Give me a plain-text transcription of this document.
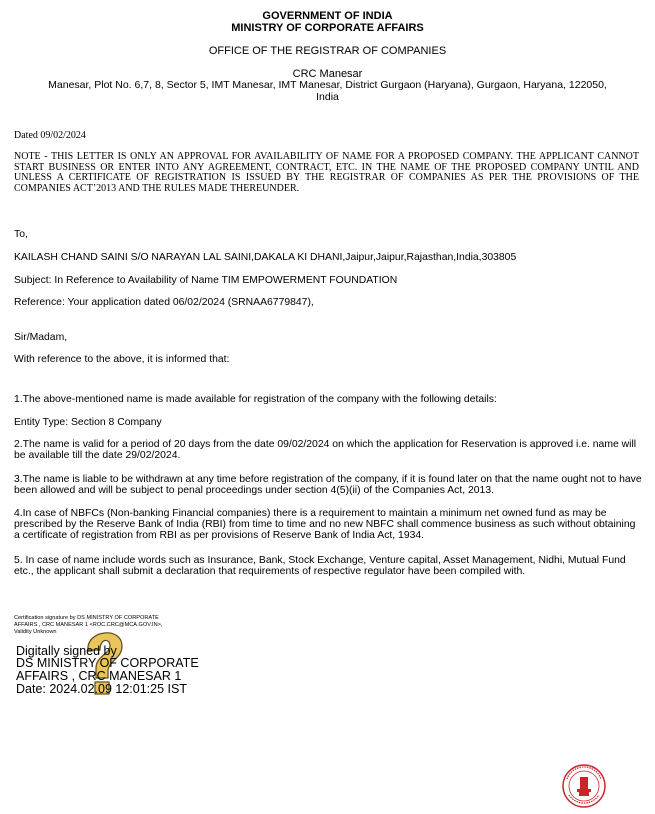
GOVERNMENT OF INDIA
MINISTRY OF CORPORATE AFFAIRS
OFFICE OF THE REGISTRAR OF COMPANIES
CRC Manesar
Manesar, Plot No. 6,7, 8, Sector 5, IMT Manesar, IMT Manesar, District Gurgaon (Haryana), Gurgaon, Haryana, 122050,
India
Dated 09/02/2024
NOTE - THIS LETTER IS ONLY AN APPROVAL FOR AVAILABILITY OF NAME FOR A PROPOSED COMPANY. THE APPLICANT CANNOT START BUSINESS OR ENTER INTO ANY AGREEMENT, CONTRACT, ETC. IN THE NAME OF THE PROPOSED COMPANY UNTIL AND UNLESS A CERTIFICATE OF REGISTRATION IS ISSUED BY THE REGISTRAR OF COMPANIES AS PER THE PROVISIONS OF THE COMPANIES ACT’2013 AND THE RULES MADE THEREUNDER.
To,
KAILASH CHAND SAINI S/O NARAYAN LAL SAINI,DAKALA KI DHANI,Jaipur,Jaipur,Rajasthan,India,303805
Subject: In Reference to Availability of Name TIM EMPOWERMENT FOUNDATION
Reference: Your application dated 06/02/2024 (SRNAA6779847),
Sir/Madam,
With reference to the above, it is informed that:
1.The above-mentioned name is made available for registration of the company with the following details:
Entity Type: Section 8 Company
2.The name is valid for a period of 20 days from the date 09/02/2024 on which the application for Reservation is approved i.e. name will be available till the date 29/02/2024.
3.The name is liable to be withdrawn at any time before registration of the company, if it is found later on that the name ought not to have been allowed and will be subject to penal proceedings under section 4(5)(ii) of the Companies Act, 2013.
4.In case of NBFCs (Non-banking Financial companies) there is a requirement to maintain a minimum net owned fund as may be prescribed by the Reserve Bank of India (RBI) from time to time and no new NBFC shall commence business as such without obtaining a certificate of registration from RBI as per provisions of Reserve Bank of India Act, 1934.
5. In case of name include words such as Insurance, Bank, Stock Exchange, Venture capital, Asset Management, Nidhi, Mutual Fund etc., the applicant shall submit a declaration that requirements of respective regulator have been compiled with.
Certification signature by DS MINISTRY OF CORPORATE
AFFAIRS , CRC MANESAR 1 <ROC.CRC@MCA.GOV.IN>,
Validity Unknown
Digitally signed by
DS MINISTRY OF CORPORATE
AFFAIRS , CRC MANESAR 1
Date: 2024.02.09 12:01:25 IST
